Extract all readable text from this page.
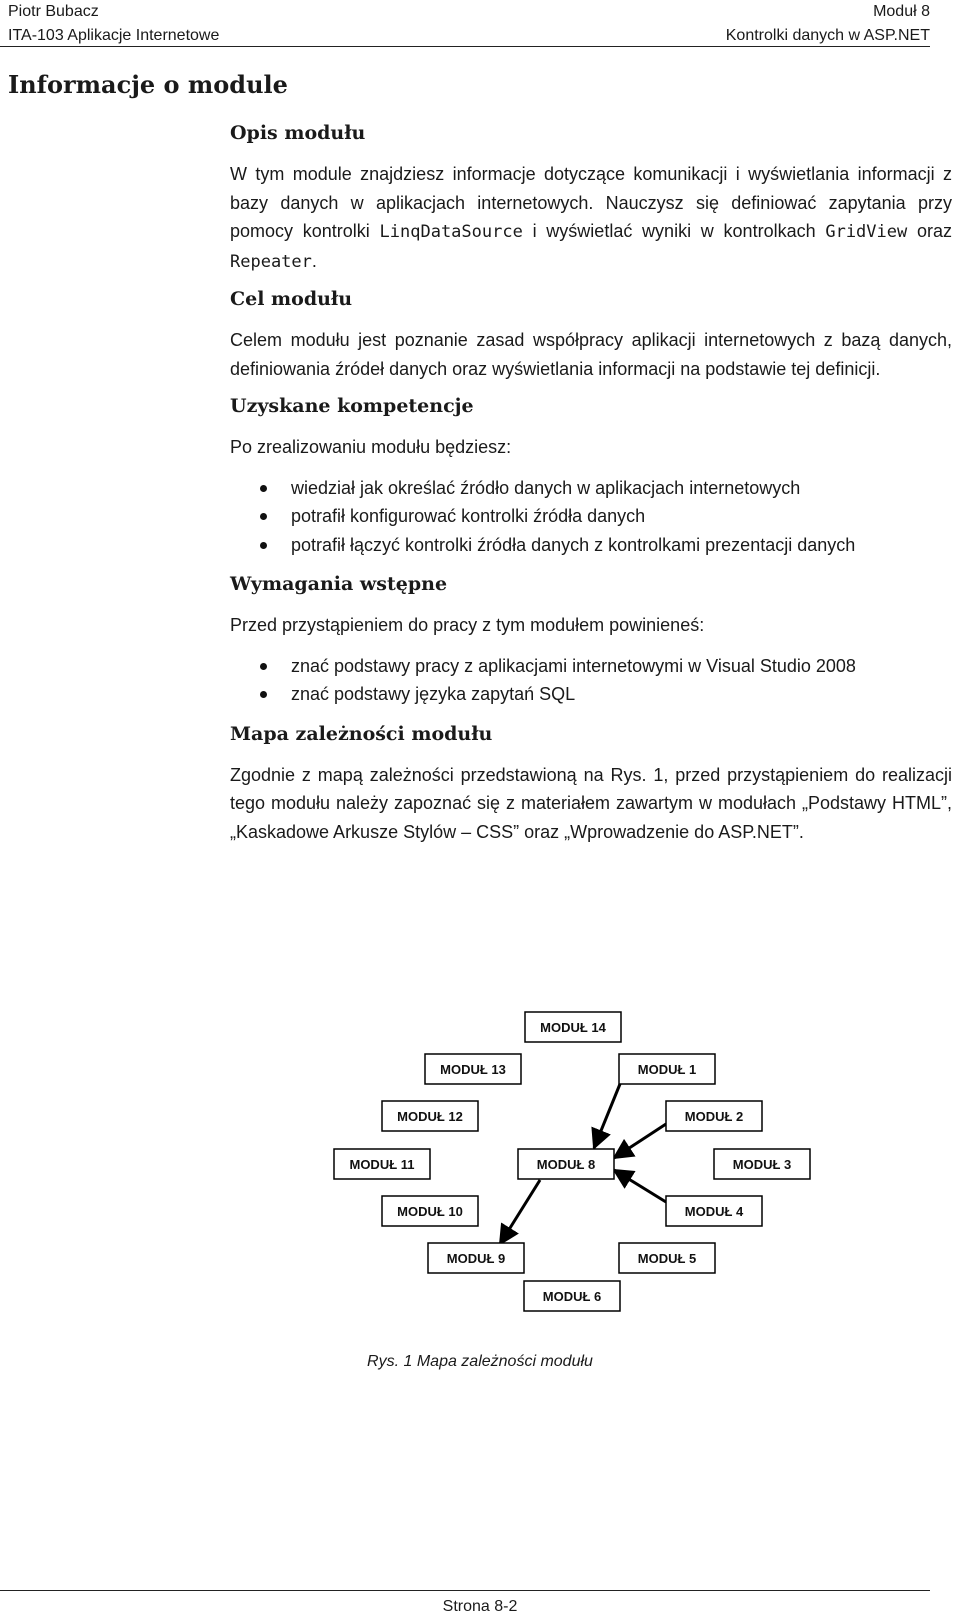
Piotr Bubacz
ITA-103 Aplikacje Internetowe
Moduł 8
Kontrolki danych w ASP.NET
Informacje o module
Opis modułu

W tym module znajdziesz informacje dotyczące komunikacji i wyświetlania informacji z bazy danych w aplikacjach internetowych. Nauczysz się definiować zapytania przy pomocy kontrolki LinqDataSource i wyświetlać wyniki w kontrolkach GridView oraz Repeater.

Cel modułu

Celem modułu jest poznanie zasad współpracy aplikacji internetowych z bazą danych, definiowania źródeł danych oraz wyświetlania informacji na podstawie tej definicji.

Uzyskane kompetencje

Po zrealizowaniu modułu będziesz:

wiedział jak określać źródło danych w aplikacjach internetowych
potrafił konfigurować kontrolki źródła danych
potrafił łączyć kontrolki źródła danych z kontrolkami prezentacji danych
Wymagania wstępne

Przed przystąpieniem do pracy z tym modułem powinieneś:

znać podstawy pracy z aplikacjami internetowymi w Visual Studio 2008
znać podstawy języka zapytań SQL
Mapa zależności modułu

Zgodnie z mapą zależności przedstawioną na Rys. 1, przed przystąpieniem do realizacji tego modułu należy zapoznać się z materiałem zawartym w modułach „Podstawy HTML”, „Kaskadowe Arkusze Stylów – CSS” oraz „Wprowadzenie do ASP.NET”.

MODUŁ 14
MODUŁ 13	MODUŁ 1
MODUŁ 12	MODUŁ 2
MODUŁ 11	MODUŁ 8	MODUŁ 3
MODUŁ 10	MODUŁ 4
MODUŁ 9	MODUŁ 5
MODUŁ 6
Rys. 1 Mapa zależności modułu
Strona 8-2
